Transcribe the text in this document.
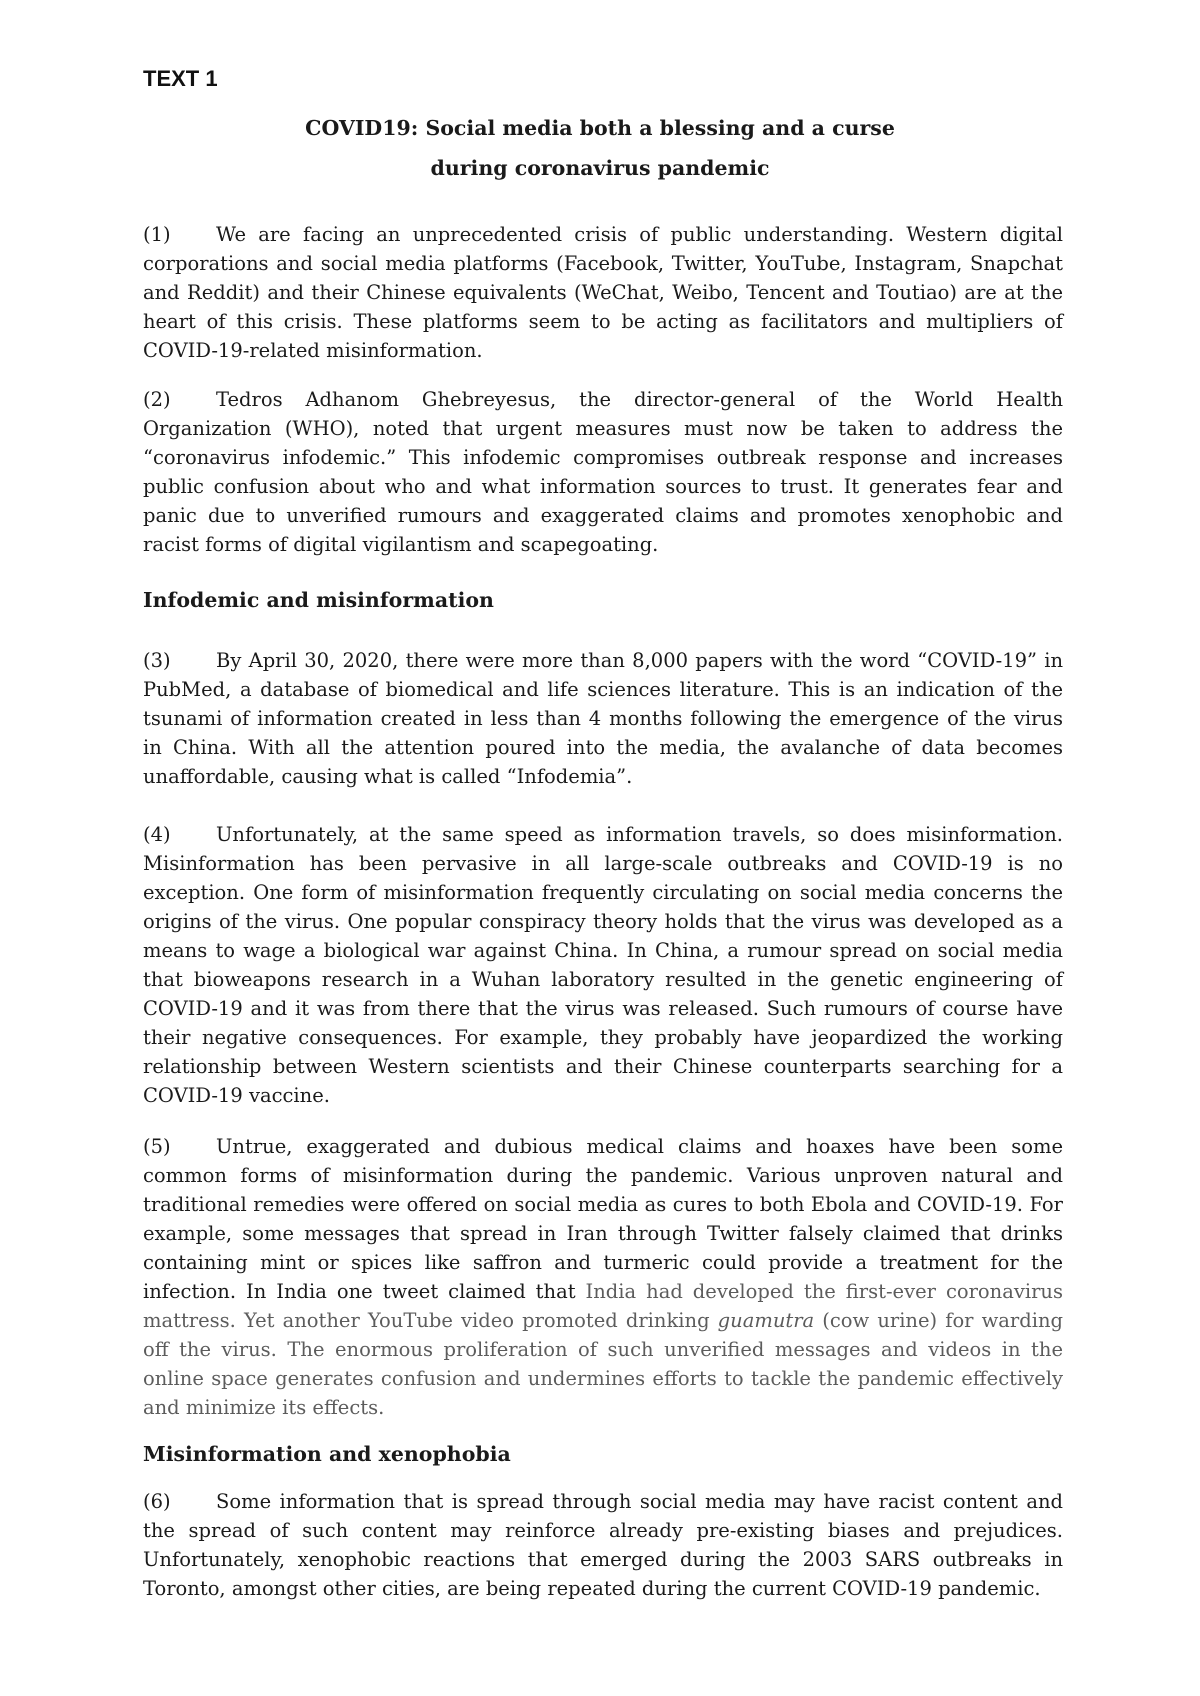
TEXT 1
COVID19: Social media both a blessing and a curse
during coronavirus pandemic

(1) We are facing an unprecedented crisis of public understanding. Western digital corporations and social media platforms (Facebook, Twitter, YouTube, Instagram, Snapchat and Reddit) and their Chinese equivalents (WeChat, Weibo, Tencent and Toutiao) are at the heart of this crisis. These platforms seem to be acting as facilitators and multipliers of COVID-19-related misinformation.

(2) Tedros Adhanom Ghebreyesus, the director-general of the World Health Organization (WHO), noted that urgent measures must now be taken to address the “coronavirus infodemic.” This infodemic compromises outbreak response and increases public confusion about who and what information sources to trust. It generates fear and panic due to unverified rumours and exaggerated claims and promotes xenophobic and racist forms of digital vigilantism and scapegoating.

Infodemic and misinformation

(3) By April 30, 2020, there were more than 8,000 papers with the word “COVID-19” in PubMed, a database of biomedical and life sciences literature. This is an indication of the tsunami of information created in less than 4 months following the emergence of the virus in China. With all the attention poured into the media, the avalanche of data becomes unaffordable, causing what is called “Infodemia”.

(4) Unfortunately, at the same speed as information travels, so does misinformation. Misinformation has been pervasive in all large-scale outbreaks and COVID-19 is no exception. One form of misinformation frequently circulating on social media concerns the origins of the virus. One popular conspiracy theory holds that the virus was developed as a means to wage a biological war against China. In China, a rumour spread on social media that bioweapons research in a Wuhan laboratory resulted in the genetic engineering of COVID-19 and it was from there that the virus was released. Such rumours of course have their negative consequences. For example, they probably have jeopardized the working relationship between Western scientists and their Chinese counterparts searching for a COVID-19 vaccine.

(5) Untrue, exaggerated and dubious medical claims and hoaxes have been some common forms of misinformation during the pandemic. Various unproven natural and traditional remedies were offered on social media as cures to both Ebola and COVID-19. For example, some messages that spread in Iran through Twitter falsely claimed that drinks containing mint or spices like saffron and turmeric could provide a treatment for the infection. In India one tweet claimed that India had developed the first-ever coronavirus mattress. Yet another YouTube video promoted drinking guamutra (cow urine) for warding off the virus. The enormous proliferation of such unverified messages and videos in the online space generates confusion and undermines efforts to tackle the pandemic effectively and minimize its effects.

Misinformation and xenophobia

(6) Some information that is spread through social media may have racist content and the spread of such content may reinforce already pre-existing biases and prejudices. Unfortunately, xenophobic reactions that emerged during the 2003 SARS outbreaks in Toronto, amongst other cities, are being repeated during the current COVID-19 pandemic.
